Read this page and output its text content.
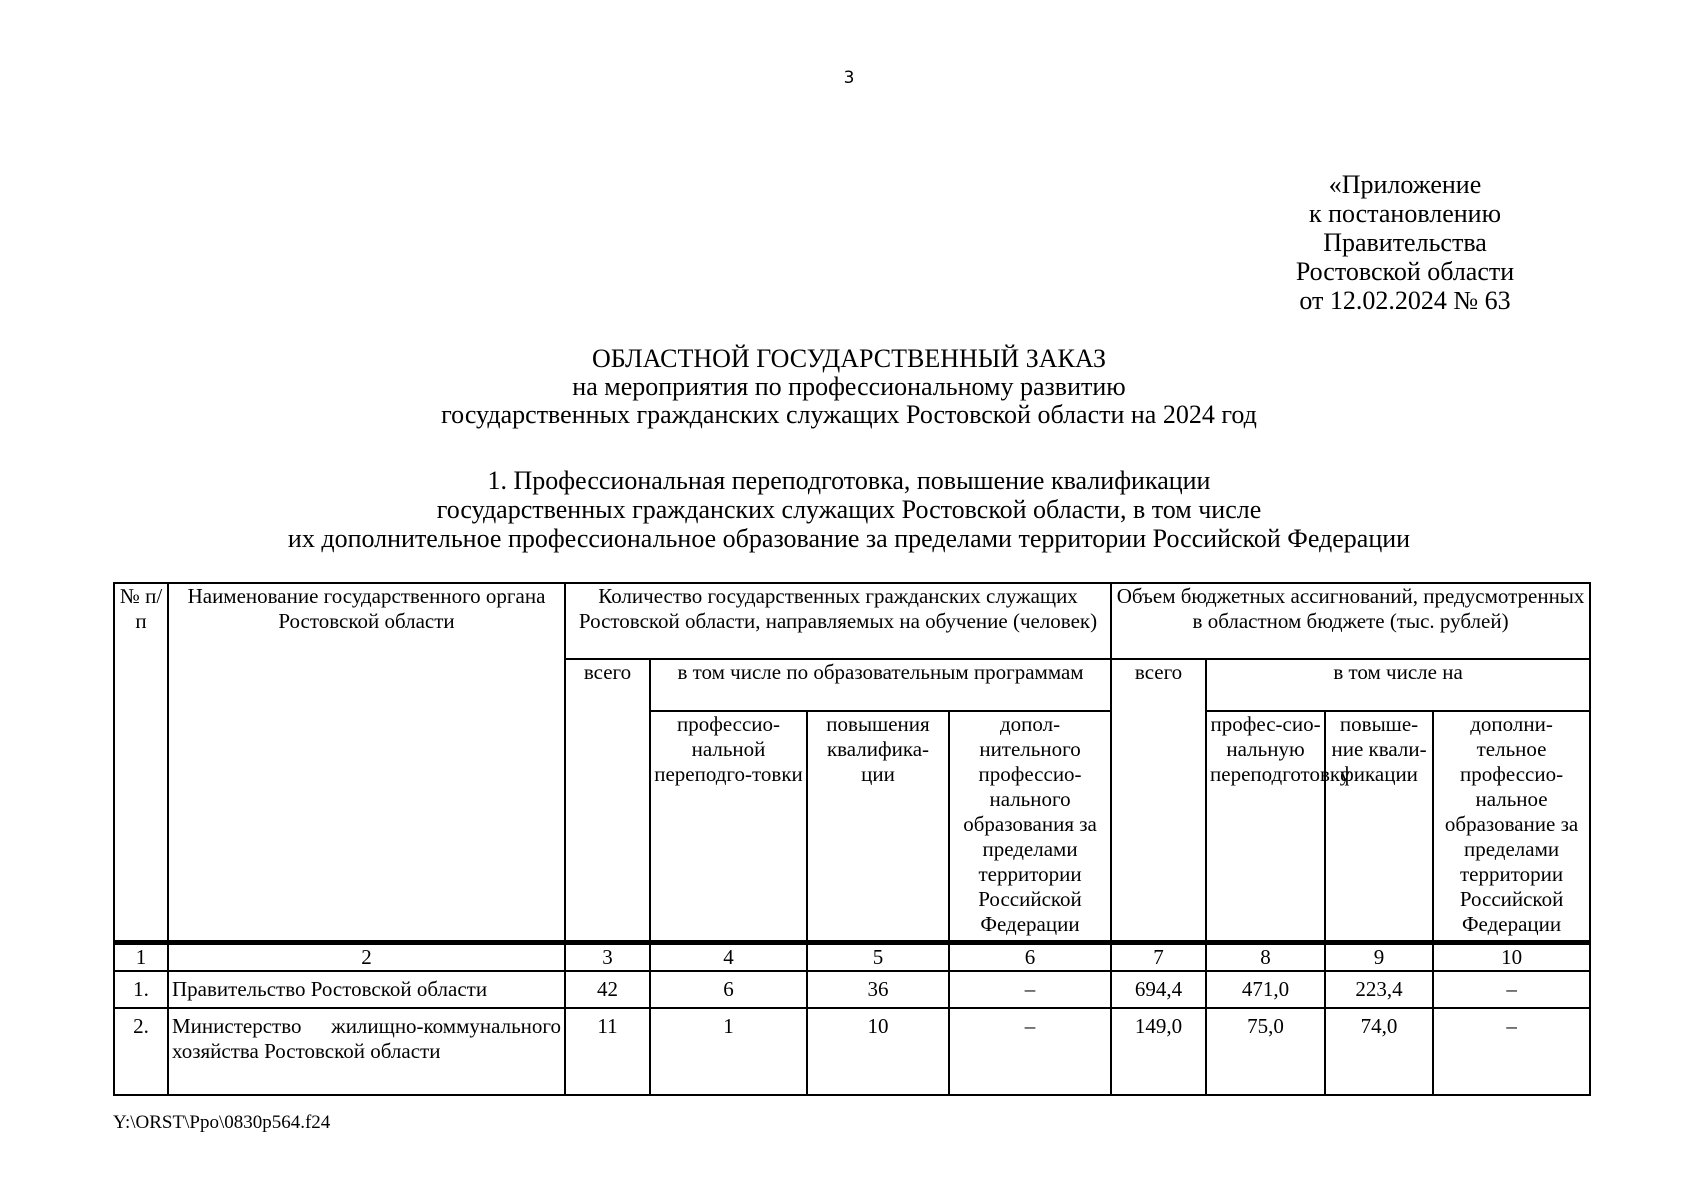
3
«Приложение
к постановлению
Правительства
Ростовской области
от 12.02.2024 № 63
ОБЛАСТНОЙ ГОСУДАРСТВЕННЫЙ ЗАКАЗ
на мероприятия по профессиональному развитию
государственных гражданских служащих Ростовской области на 2024 год
1. Профессиональная переподготовка, повышение квалификации
государственных гражданских служащих Ростовской области, в том числе
их дополнительное профессиональное образование за пределами территории Российской Федерации
№ п/п	Наименование государственного органа Ростовской области	Количество государственных гражданских служащих Ростовской области, направляемых на обучение (человек)				Объем бюджетных ассигнований, предусмотренных в областном бюджете (тыс. рублей)			
		всего	в том числе по образовательным программам			всего	в том числе на		
			профессио-нальной переподго-товки	повышения квалифика-ции	допол-нительного профессио-нального образования за пределами территории Российской Федерации		профес-сио-нальную переподготовку	повыше-ние квали-фикации	дополни-тельное профессио-нальное образование за пределами территории Российской Федерации
1	2	3	4	5	6	7	8	9	10
1.	Правительство Ростовской области	42	6	36	–	694,4	471,0	223,4	–
2.	Министерство жилищно-коммунального хозяйства Ростовской области	11	1	10	–	149,0	75,0	74,0	–
Y:\ORST\Ppo\0830p564.f24
